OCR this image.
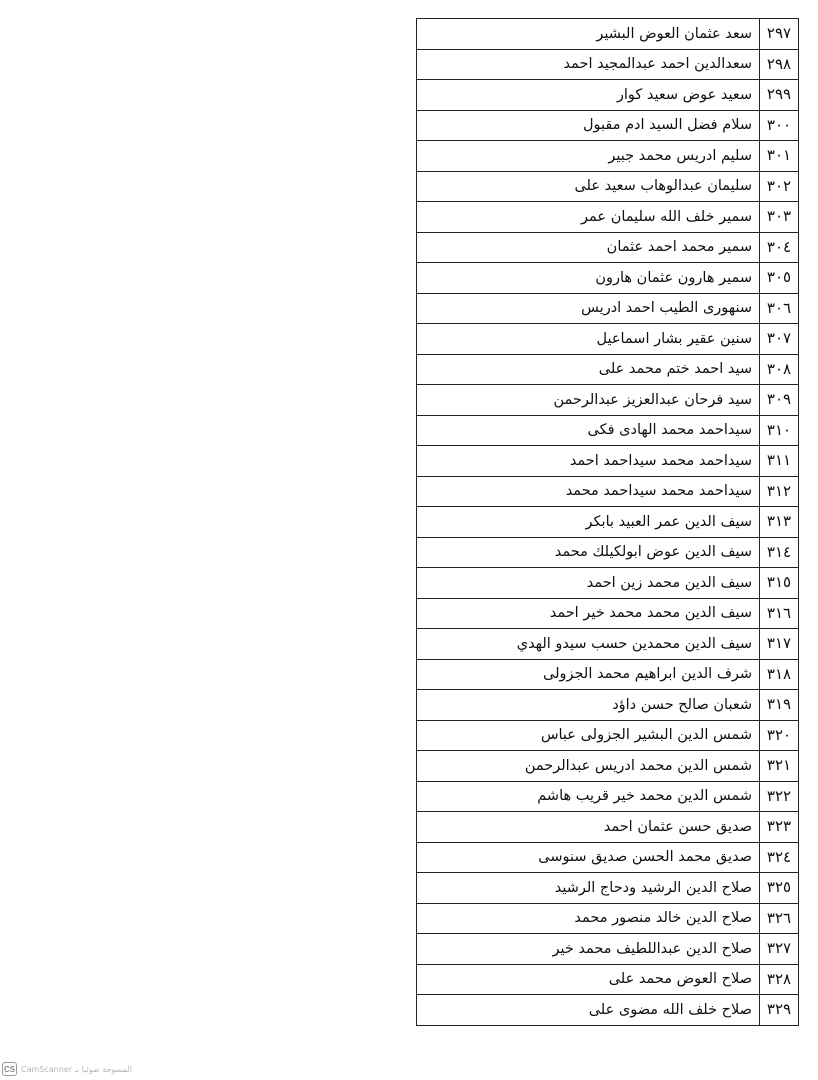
٢٩٧	سعد عثمان العوض البشير
٢٩٨	سعدالدين احمد عبدالمجيد احمد
٢٩٩	سعيد عوض سعيد كوار
٣٠٠	سلام فضل السيد ادم مقبول
٣٠١	سليم ادريس محمد جبير
٣٠٢	سليمان عبدالوهاب سعيد على
٣٠٣	سمير خلف الله سليمان عمر
٣٠٤	سمير محمد احمد عثمان
٣٠٥	سمير هارون عثمان هارون
٣٠٦	سنهورى الطيب احمد ادريس
٣٠٧	سنين عقير بشار اسماعيل
٣٠٨	سيد احمد ختم محمد على
٣٠٩	سيد فرحان عبدالعزيز عبدالرحمن
٣١٠	سيداحمد محمد الهادى فكى
٣١١	سيداحمد محمد سيداحمد احمد
٣١٢	سيداحمد محمد سيداحمد محمد
٣١٣	سيف الدين عمر العبيد بابكر
٣١٤	سيف الدين عوض ابولكيلك محمد
٣١٥	سيف الدين محمد زين احمد
٣١٦	سيف الدين محمد محمد خير احمد
٣١٧	سيف الدين محمدين حسب سيدو الهدي
٣١٨	شرف الدين ابراهيم محمد الجزولى
٣١٩	شعبان صالح حسن داؤد
٣٢٠	شمس الدين البشير الجزولى عباس
٣٢١	شمس الدين محمد ادريس عبدالرحمن
٣٢٢	شمس الدين محمد خير قريب هاشم
٣٢٣	صديق حسن عثمان احمد
٣٢٤	صديق محمد الحسن صديق سنوسى
٣٢٥	صلاح الدين الرشيد ودحاج الرشيد
٣٢٦	صلاح الدين خالد منصور محمد
٣٢٧	صلاح الدين عبداللطيف محمد خير
٣٢٨	صلاح العوض محمد على
٣٢٩	صلاح خلف الله مضوى على
CS CamScanner المسوحة ضوئيا بـ
